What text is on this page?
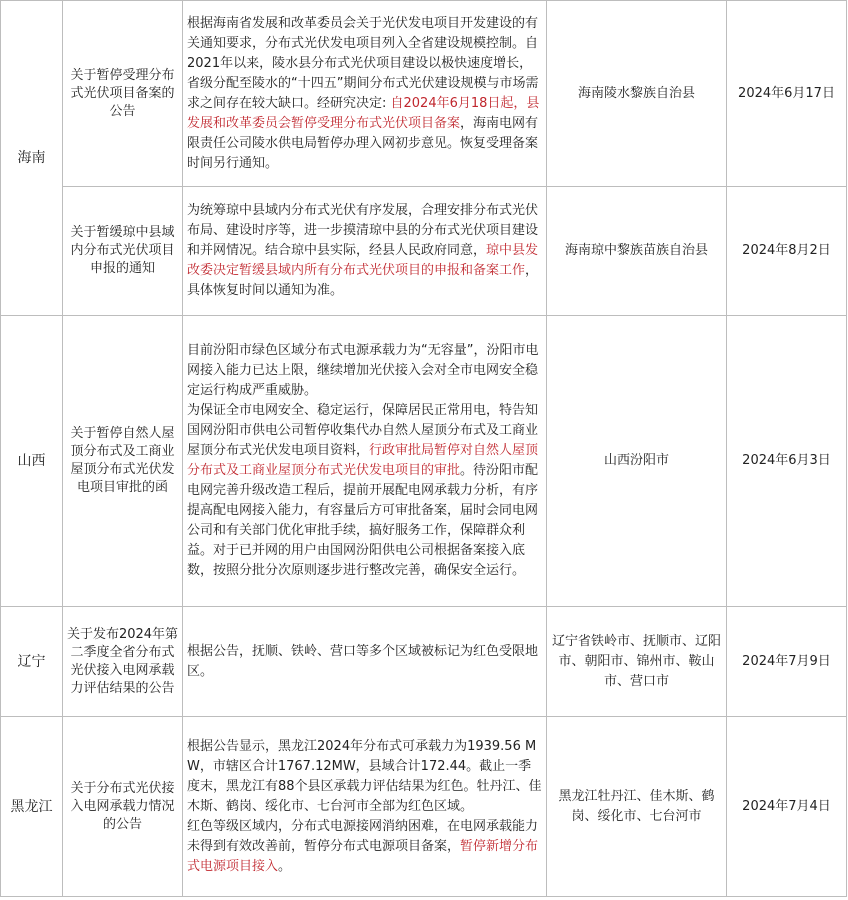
海南	关于暂停受理分布式光伏项目备案的公告	根据海南省发展和改革委员会关于光伏发电项目开发建设的有关通知要求，分布式光伏发电项目列入全省建设规模控制。自2021年以来，陵水县分布式光伏项目建设以极快速度增长，省级分配至陵水的“十四五”期间分布式光伏建设规模与市场需求之间存在较大缺口。经研究决定: 自2024年6月18日起，县发展和改革委员会暂停受理分布式光伏项目备案，海南电网有限责任公司陵水供电局暂停办理入网初步意见。恢复受理备案时间另行通知。	海南陵水黎族自治县	2024年6月17日
	关于暂缓琼中县域内分布式光伏项目申报的通知	为统筹琼中县域内分布式光伏有序发展，合理安排分布式光伏布局、建设时序等，进一步摸清琼中县的分布式光伏项目建设和并网情况。结合琼中县实际，经县人民政府同意，琼中县发改委决定暂缓县域内所有分布式光伏项目的申报和备案工作，具体恢复时间以通知为准。	海南琼中黎族苗族自治县	2024年8月2日
山西	关于暂停自然人屋顶分布式及工商业屋顶分布式光伏发电项目审批的函	目前汾阳市绿色区域分布式电源承载力为“无容量”，汾阳市电网接入能力已达上限，继续增加光伏接入会对全市电网安全稳定运行构成严重威胁。

为保证全市电网安全、稳定运行，保障居民正常用电，特告知国网汾阳市供电公司暂停收集代办自然人屋顶分布式及工商业屋顶分布式光伏发电项目资料，行政审批局暂停对自然人屋顶分布式及工商业屋顶分布式光伏发电项目的审批。待汾阳市配电网完善升级改造工程后，提前开展配电网承载力分析，有序提高配电网接入能力，有容量后方可审批备案，届时会同电网公司和有关部门优化审批手续，搞好服务工作，保障群众利益。对于已并网的用户由国网汾阳供电公司根据备案接入底数，按照分批分次原则逐步进行整改完善，确保安全运行。	山西汾阳市	2024年6月3日
辽宁	关于发布2024年第二季度全省分布式光伏接入电网承载力评估结果的公告	根据公告，抚顺、铁岭、营口等多个区域被标记为红色受限地区。	辽宁省铁岭市、抚顺市、辽阳市、朝阳市、锦州市、鞍山市、营口市	2024年7月9日
黑龙江	关于分布式光伏接入电网承载力情况的公告	根据公告显示，黑龙江2024年分布式可承载力为1939.56 MW，市辖区合计1767.12MW，县域合计172.44。截止一季度末，黑龙江有88个县区承载力评估结果为红色。牡丹江、佳木斯、鹤岗、绥化市、七台河市全部为红色区域。

红色等级区域内，分布式电源接网消纳困难，在电网承载能力未得到有效改善前，暂停分布式电源项目备案，暂停新增分布式电源项目接入。	黑龙江牡丹江、佳木斯、鹤岗、绥化市、七台河市	2024年7月4日
